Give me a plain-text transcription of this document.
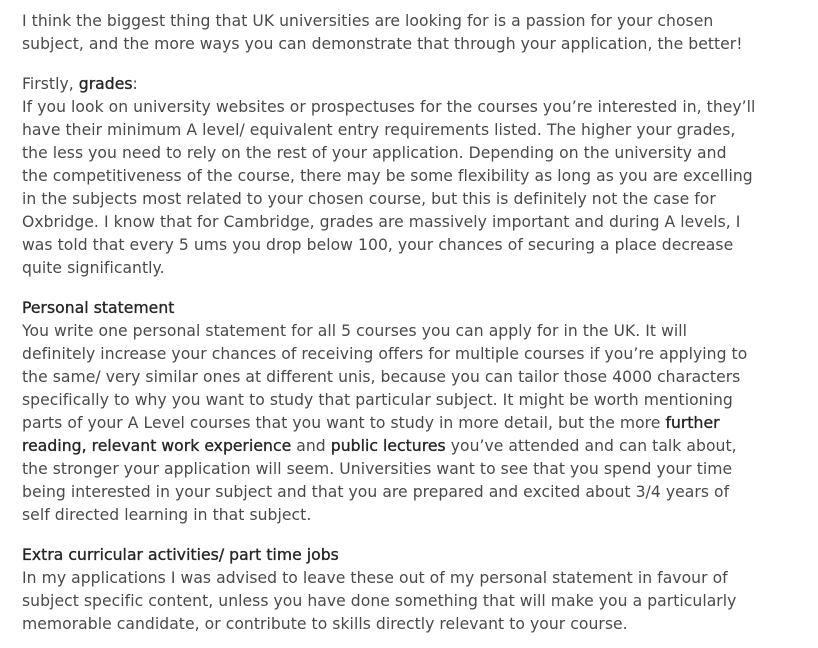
I think the biggest thing that UK universities are looking for is a passion for your chosen
subject, and the more ways you can demonstrate that through your application, the better!

Firstly, grades:
If you look on university websites or prospectuses for the courses you’re interested in, they’ll
have their minimum A level/ equivalent entry requirements listed. The higher your grades,
the less you need to rely on the rest of your application. Depending on the university and
the competitiveness of the course, there may be some flexibility as long as you are excelling
in the subjects most related to your chosen course, but this is definitely not the case for
Oxbridge. I know that for Cambridge, grades are massively important and during A levels, I
was told that every 5 ums you drop below 100, your chances of securing a place decrease
quite significantly.

Personal statement
You write one personal statement for all 5 courses you can apply for in the UK. It will
definitely increase your chances of receiving offers for multiple courses if you’re applying to
the same/ very similar ones at different unis, because you can tailor those 4000 characters
specifically to why you want to study that particular subject. It might be worth mentioning
parts of your A Level courses that you want to study in more detail, but the more further
reading, relevant work experience and public lectures you’ve attended and can talk about,
the stronger your application will seem. Universities want to see that you spend your time
being interested in your subject and that you are prepared and excited about 3/4 years of
self directed learning in that subject.

Extra curricular activities/ part time jobs
In my applications I was advised to leave these out of my personal statement in favour of
subject specific content, unless you have done something that will make you a particularly
memorable candidate, or contribute to skills directly relevant to your course.
